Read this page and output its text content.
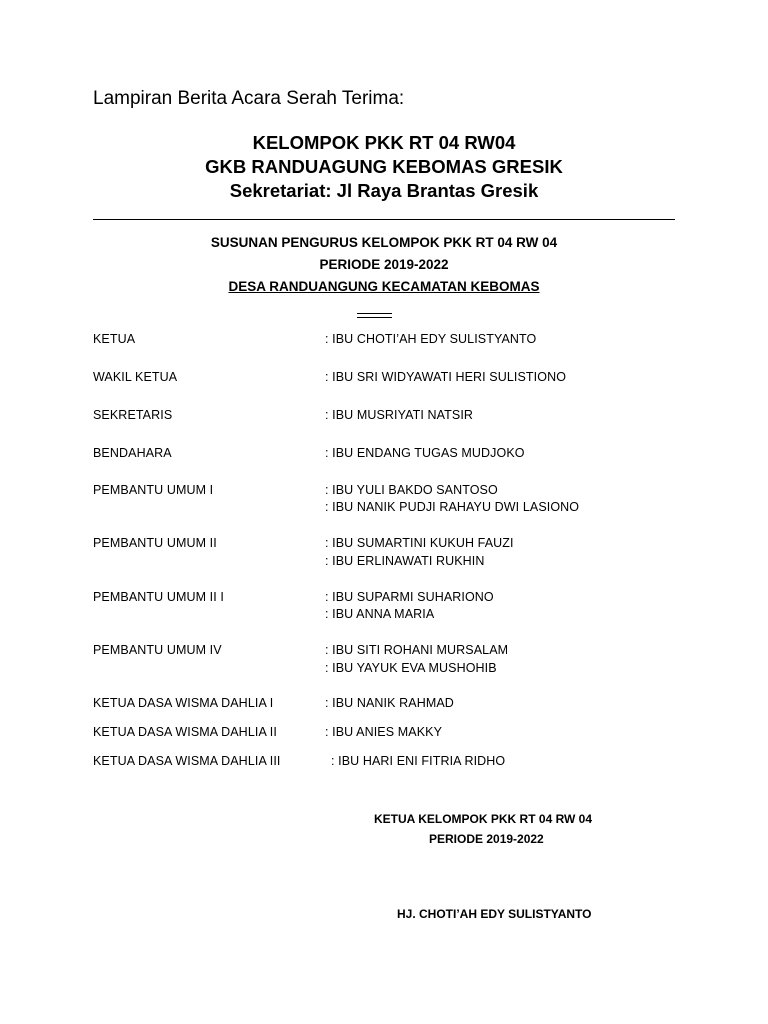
Lampiran Berita Acara Serah Terima:
KELOMPOK PKK RT 04 RW04
GKB RANDUAGUNG KEBOMAS GRESIK
Sekretariat: Jl Raya Brantas Gresik
SUSUNAN PENGURUS KELOMPOK PKK RT 04 RW 04
PERIODE 2019-2022
DESA RANDUANGUNG KECAMATAN KEBOMAS
KETUA	: IBU CHOTI’AH EDY SULISTYANTO
WAKIL KETUA	: IBU SRI WIDYAWATI HERI SULISTIONO
SEKRETARIS	: IBU MUSRIYATI NATSIR
BENDAHARA	: IBU ENDANG TUGAS MUDJOKO
PEMBANTU UMUM I	: IBU YULI BAKDO SANTOSO
: IBU NANIK PUDJI RAHAYU DWI LASIONO
PEMBANTU UMUM II	: IBU SUMARTINI KUKUH FAUZI
: IBU ERLINAWATI RUKHIN
PEMBANTU UMUM II I	: IBU SUPARMI SUHARIONO
: IBU ANNA MARIA
PEMBANTU UMUM IV	: IBU SITI ROHANI MURSALAM
: IBU YAYUK EVA MUSHOHIB
KETUA DASA WISMA DAHLIA I	: IBU NANIK RAHMAD
KETUA DASA WISMA DAHLIA II	: IBU ANIES MAKKY
KETUA DASA WISMA DAHLIA III	: IBU HARI ENI FITRIA RIDHO
KETUA KELOMPOK PKK RT 04 RW 04
PERIODE 2019-2022
HJ. CHOTI’AH EDY SULISTYANTO
